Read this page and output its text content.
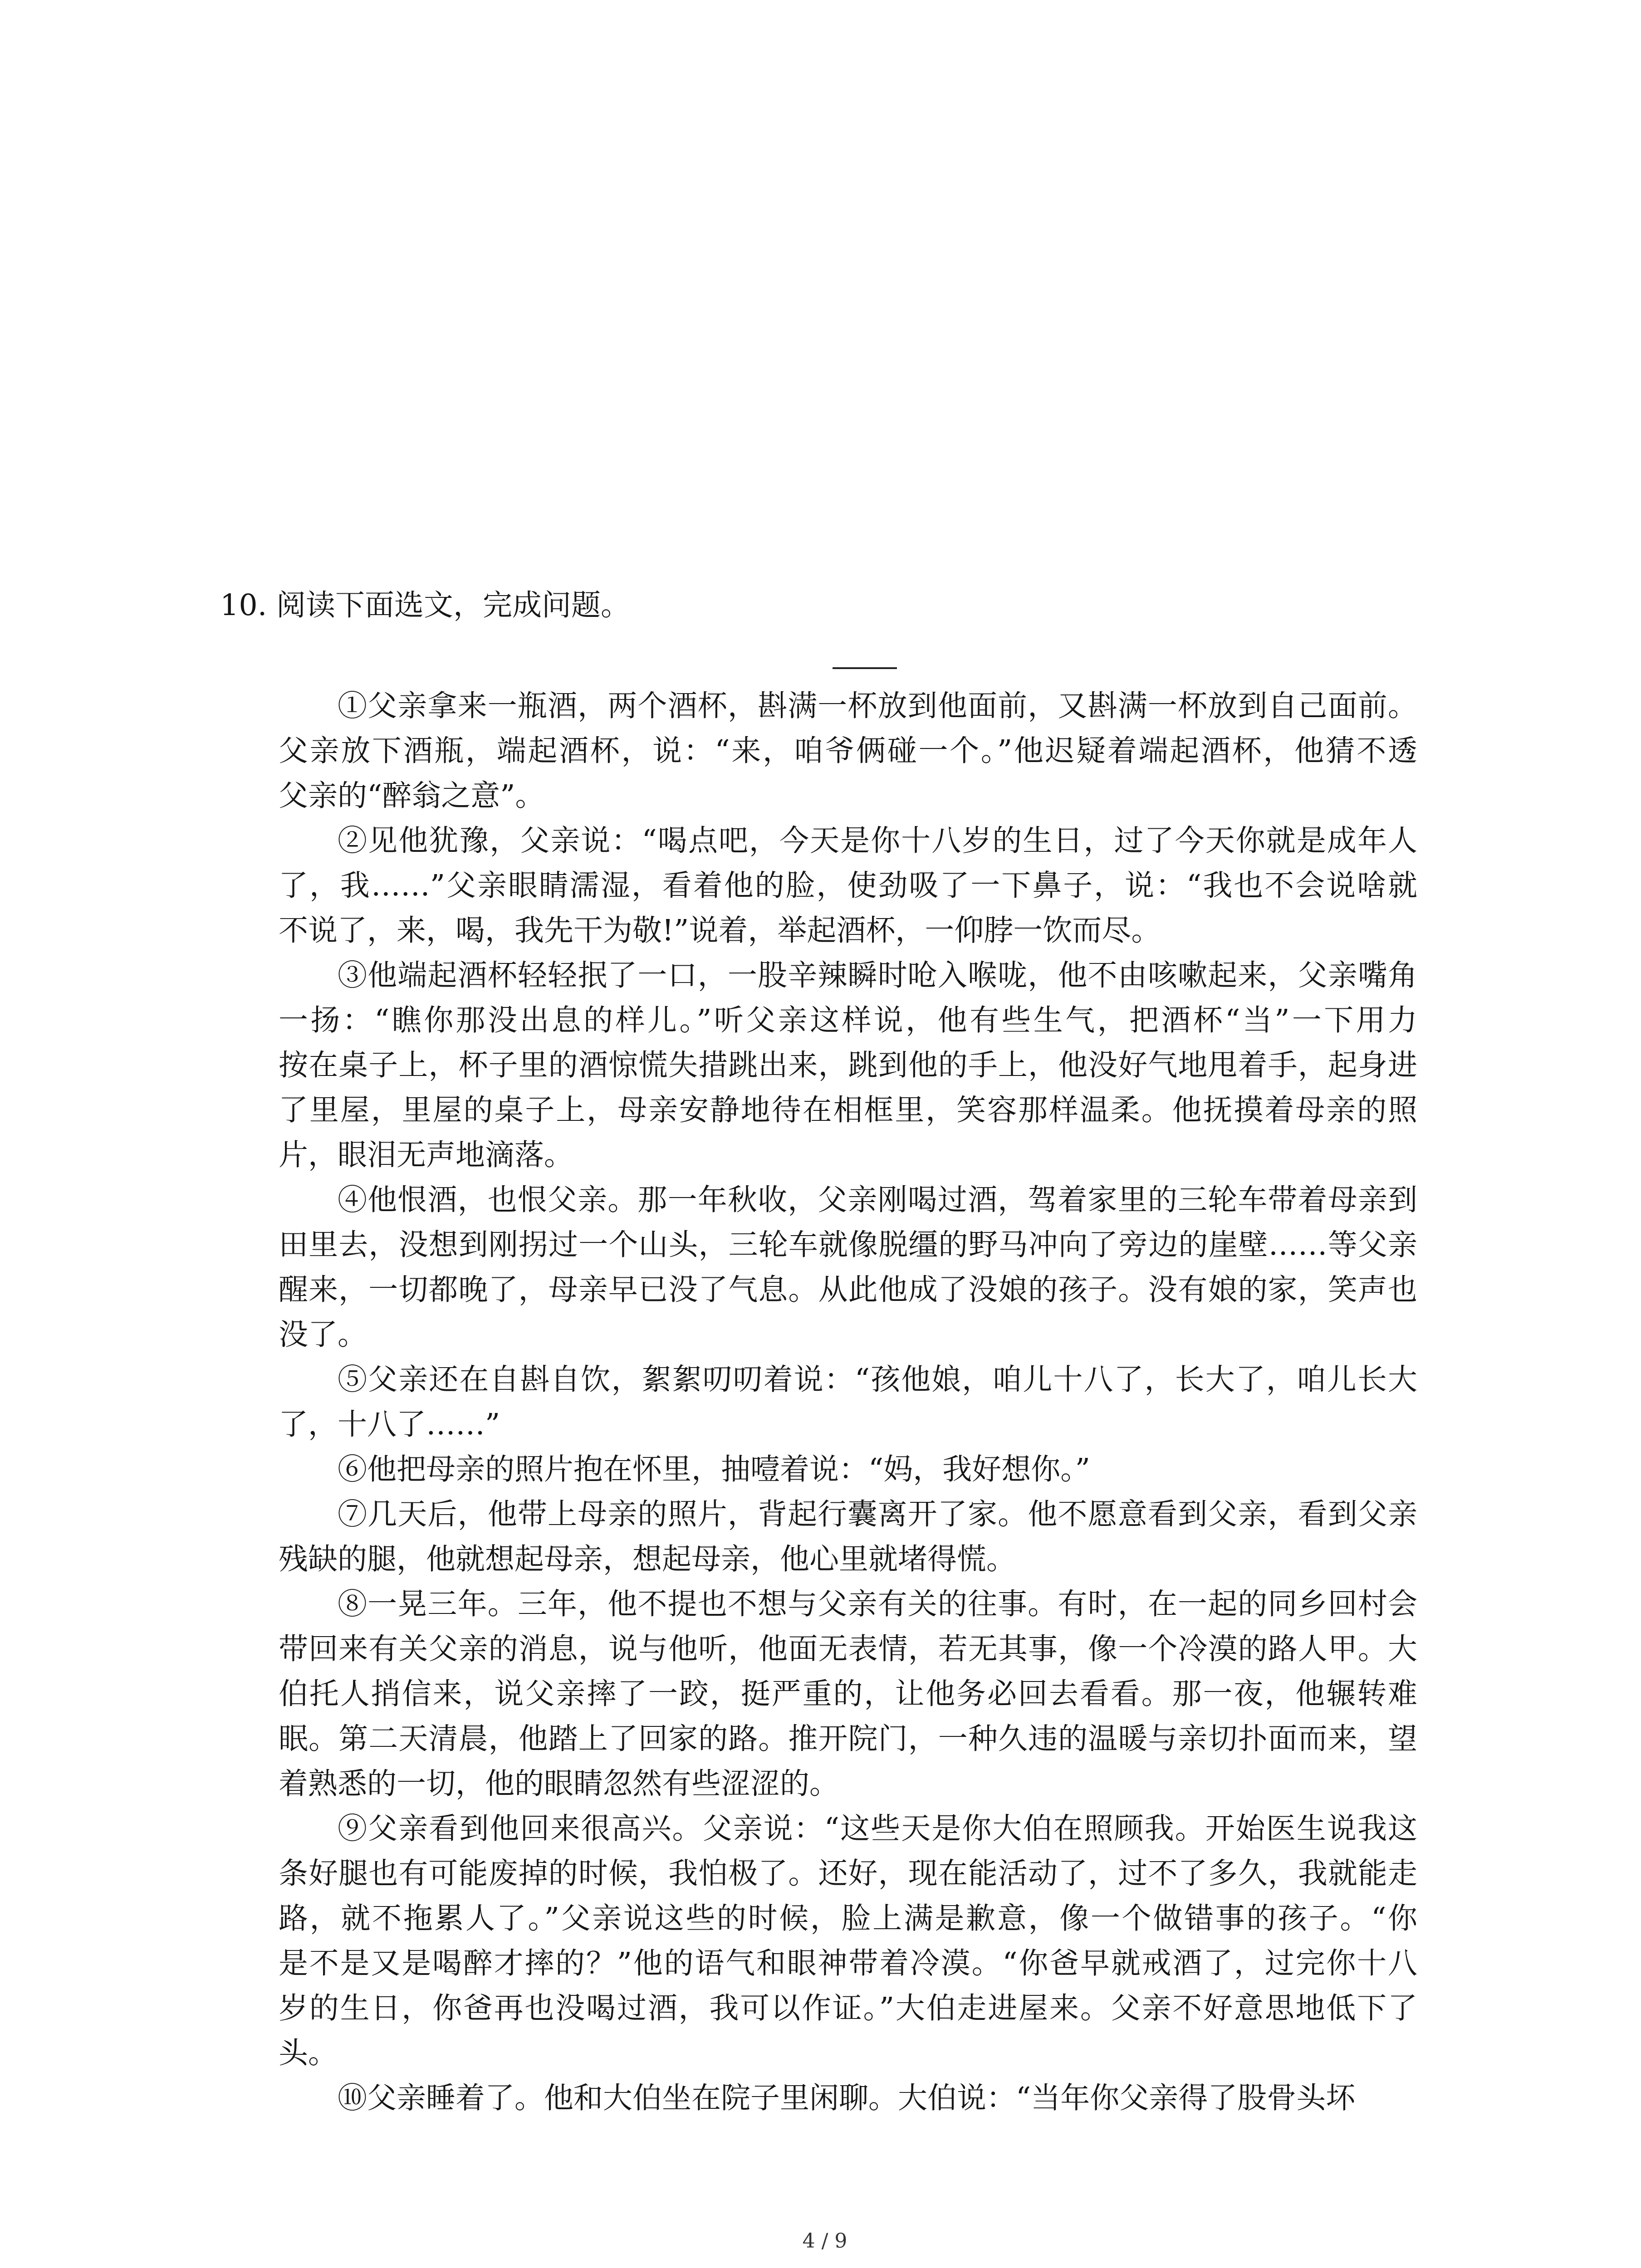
10. 阅读下面选文，完成问题。
①父亲拿来一瓶酒，两个酒杯，斟满一杯放到他面前，又斟满一杯放到自己面前。
父亲放下酒瓶，端起酒杯，说：“来，咱爷俩碰一个。”他迟疑着端起酒杯，他猜不透
父亲的“醉翁之意”。
②见他犹豫，父亲说：“喝点吧，今天是你十八岁的生日，过了今天你就是成年人
了，我……”父亲眼睛濡湿，看着他的脸，使劲吸了一下鼻子，说：“我也不会说啥就
不说了，来，喝，我先干为敬!”说着，举起酒杯，一仰脖一饮而尽。
③他端起酒杯轻轻抿了一口，一股辛辣瞬时呛入喉咙，他不由咳嗽起来，父亲嘴角
一扬：“瞧你那没出息的样儿。”听父亲这样说，他有些生气，把酒杯“当”一下用力
按在桌子上，杯子里的酒惊慌失措跳出来，跳到他的手上，他没好气地甩着手，起身进
了里屋，里屋的桌子上，母亲安静地待在相框里，笑容那样温柔。他抚摸着母亲的照
片，眼泪无声地滴落。
④他恨酒，也恨父亲。那一年秋收，父亲刚喝过酒，驾着家里的三轮车带着母亲到
田里去，没想到刚拐过一个山头，三轮车就像脱缰的野马冲向了旁边的崖壁……等父亲
醒来，一切都晚了，母亲早已没了气息。从此他成了没娘的孩子。没有娘的家，笑声也
没了。
⑤父亲还在自斟自饮，絮絮叨叨着说：“孩他娘，咱儿十八了，长大了，咱儿长大
了，十八了……”
⑥他把母亲的照片抱在怀里，抽噎着说：“妈，我好想你。”
⑦几天后，他带上母亲的照片，背起行囊离开了家。他不愿意看到父亲，看到父亲
残缺的腿，他就想起母亲，想起母亲，他心里就堵得慌。
⑧一晃三年。三年，他不提也不想与父亲有关的往事。有时，在一起的同乡回村会
带回来有关父亲的消息，说与他听，他面无表情，若无其事，像一个冷漠的路人甲。大
伯托人捎信来，说父亲摔了一跤，挺严重的，让他务必回去看看。那一夜，他辗转难
眠。第二天清晨，他踏上了回家的路。推开院门，一种久违的温暖与亲切扑面而来，望
着熟悉的一切，他的眼睛忽然有些涩涩的。
⑨父亲看到他回来很高兴。父亲说：“这些天是你大伯在照顾我。开始医生说我这
条好腿也有可能废掉的时候，我怕极了。还好，现在能活动了，过不了多久，我就能走
路，就不拖累人了。”父亲说这些的时候，脸上满是歉意，像一个做错事的孩子。“你
是不是又是喝醉才摔的？”他的语气和眼神带着冷漠。“你爸早就戒酒了，过完你十八
岁的生日，你爸再也没喝过酒，我可以作证。”大伯走进屋来。父亲不好意思地低下了
头。
⑩父亲睡着了。他和大伯坐在院子里闲聊。大伯说：“当年你父亲得了股骨头坏
4 / 9
